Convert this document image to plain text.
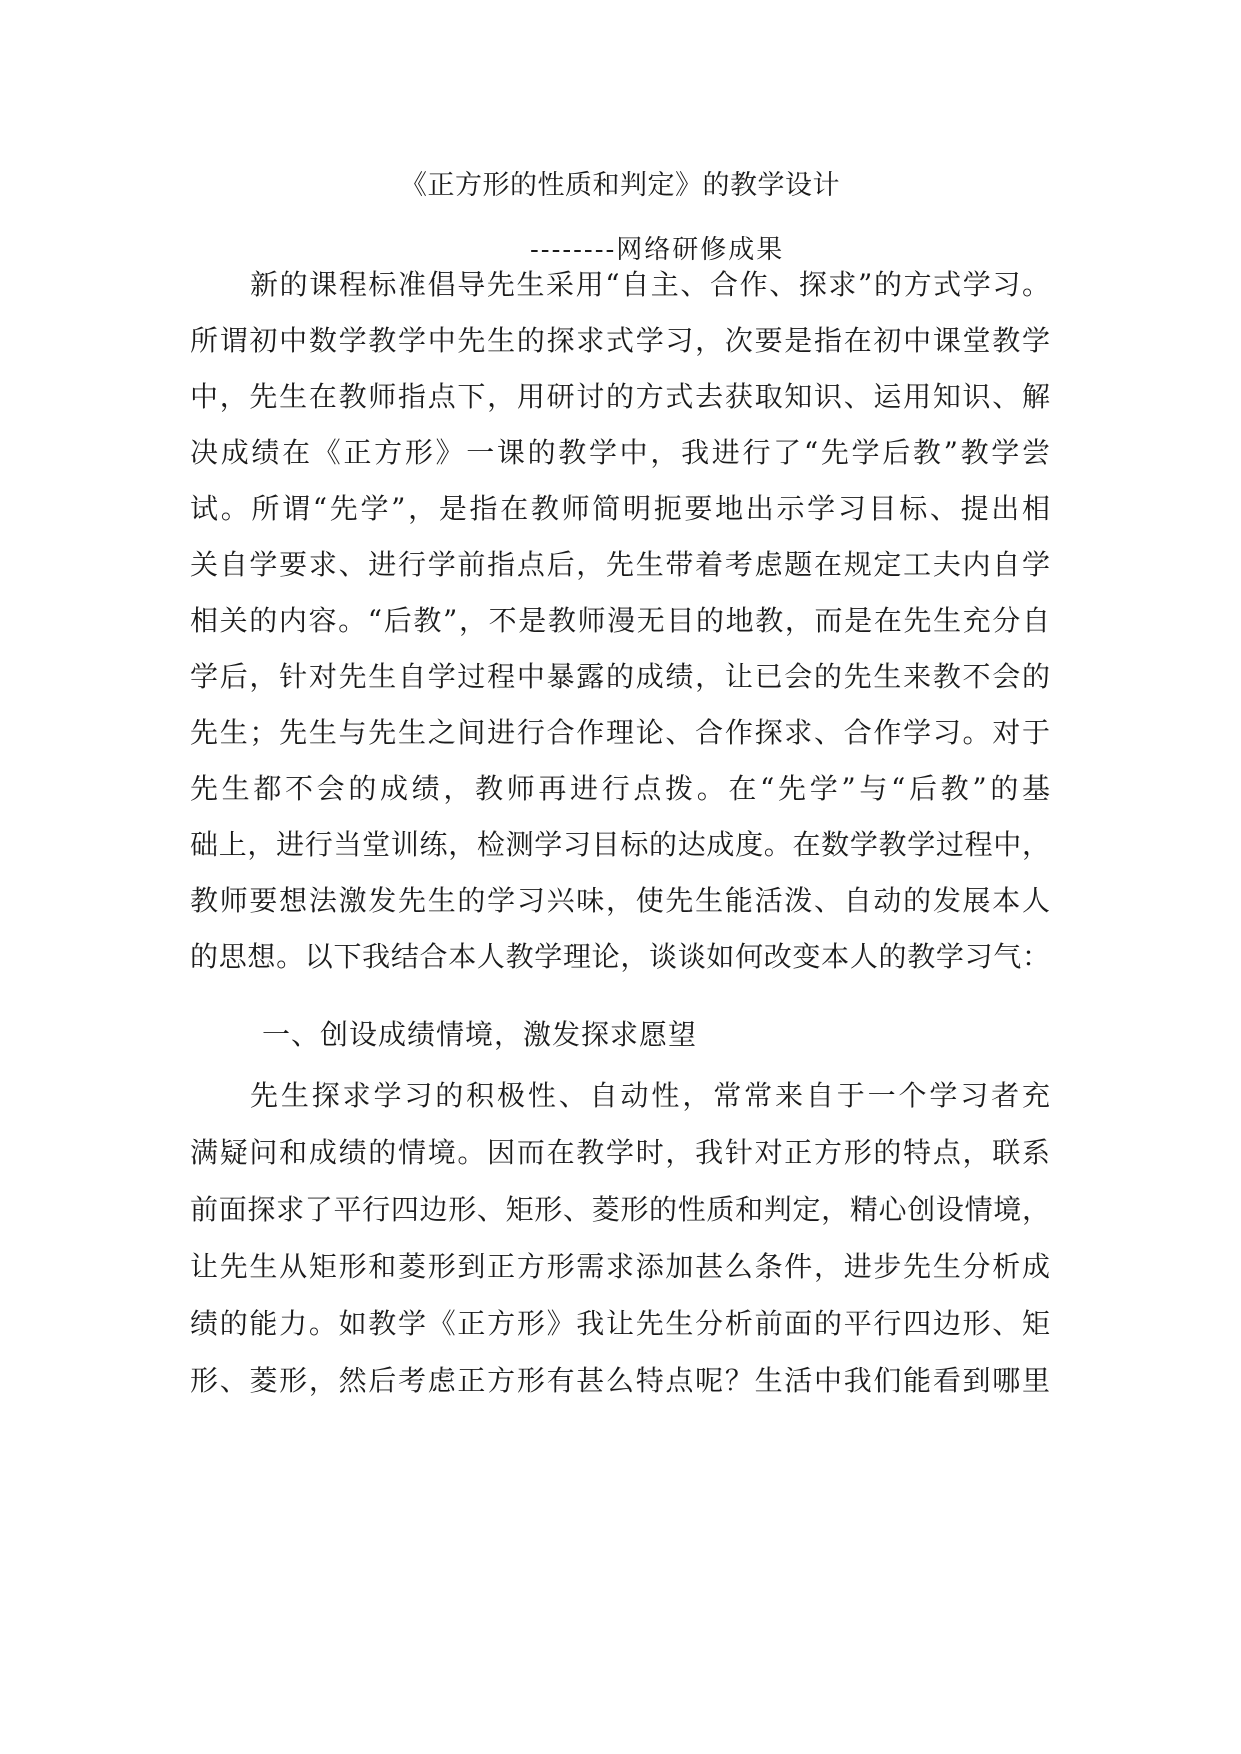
《正方形的性质和判定》的教学设计
--------网络研修成果
新的课程标准倡导先生采用“自主、合作、探求”的方式学习。
所谓初中数学教学中先生的探求式学习，次要是指在初中课堂教学
中，先生在教师指点下，用研讨的方式去获取知识、运用知识、解
决成绩在《正方形》一课的教学中，我进行了“先学后教”教学尝
试。所谓“先学”，是指在教师简明扼要地出示学习目标、提出相
关自学要求、进行学前指点后，先生带着考虑题在规定工夫内自学
相关的内容。“后教”，不是教师漫无目的地教，而是在先生充分自
学后，针对先生自学过程中暴露的成绩，让已会的先生来教不会的
先生；先生与先生之间进行合作理论、合作探求、合作学习。对于
先生都不会的成绩，教师再进行点拨。在“先学”与“后教”的基
础上，进行当堂训练，检测学习目标的达成度。在数学教学过程中，
教师要想法激发先生的学习兴味，使先生能活泼、自动的发展本人
的思想。以下我结合本人教学理论，谈谈如何改变本人的教学习气：
一、创设成绩情境，激发探求愿望
先生探求学习的积极性、自动性，常常来自于一个学习者充
满疑问和成绩的情境。因而在教学时，我针对正方形的特点，联系
前面探求了平行四边形、矩形、菱形的性质和判定，精心创设情境，
让先生从矩形和菱形到正方形需求添加甚么条件，进步先生分析成
绩的能力。如教学《正方形》我让先生分析前面的平行四边形、矩
形、菱形，然后考虑正方形有甚么特点呢？生活中我们能看到哪里
